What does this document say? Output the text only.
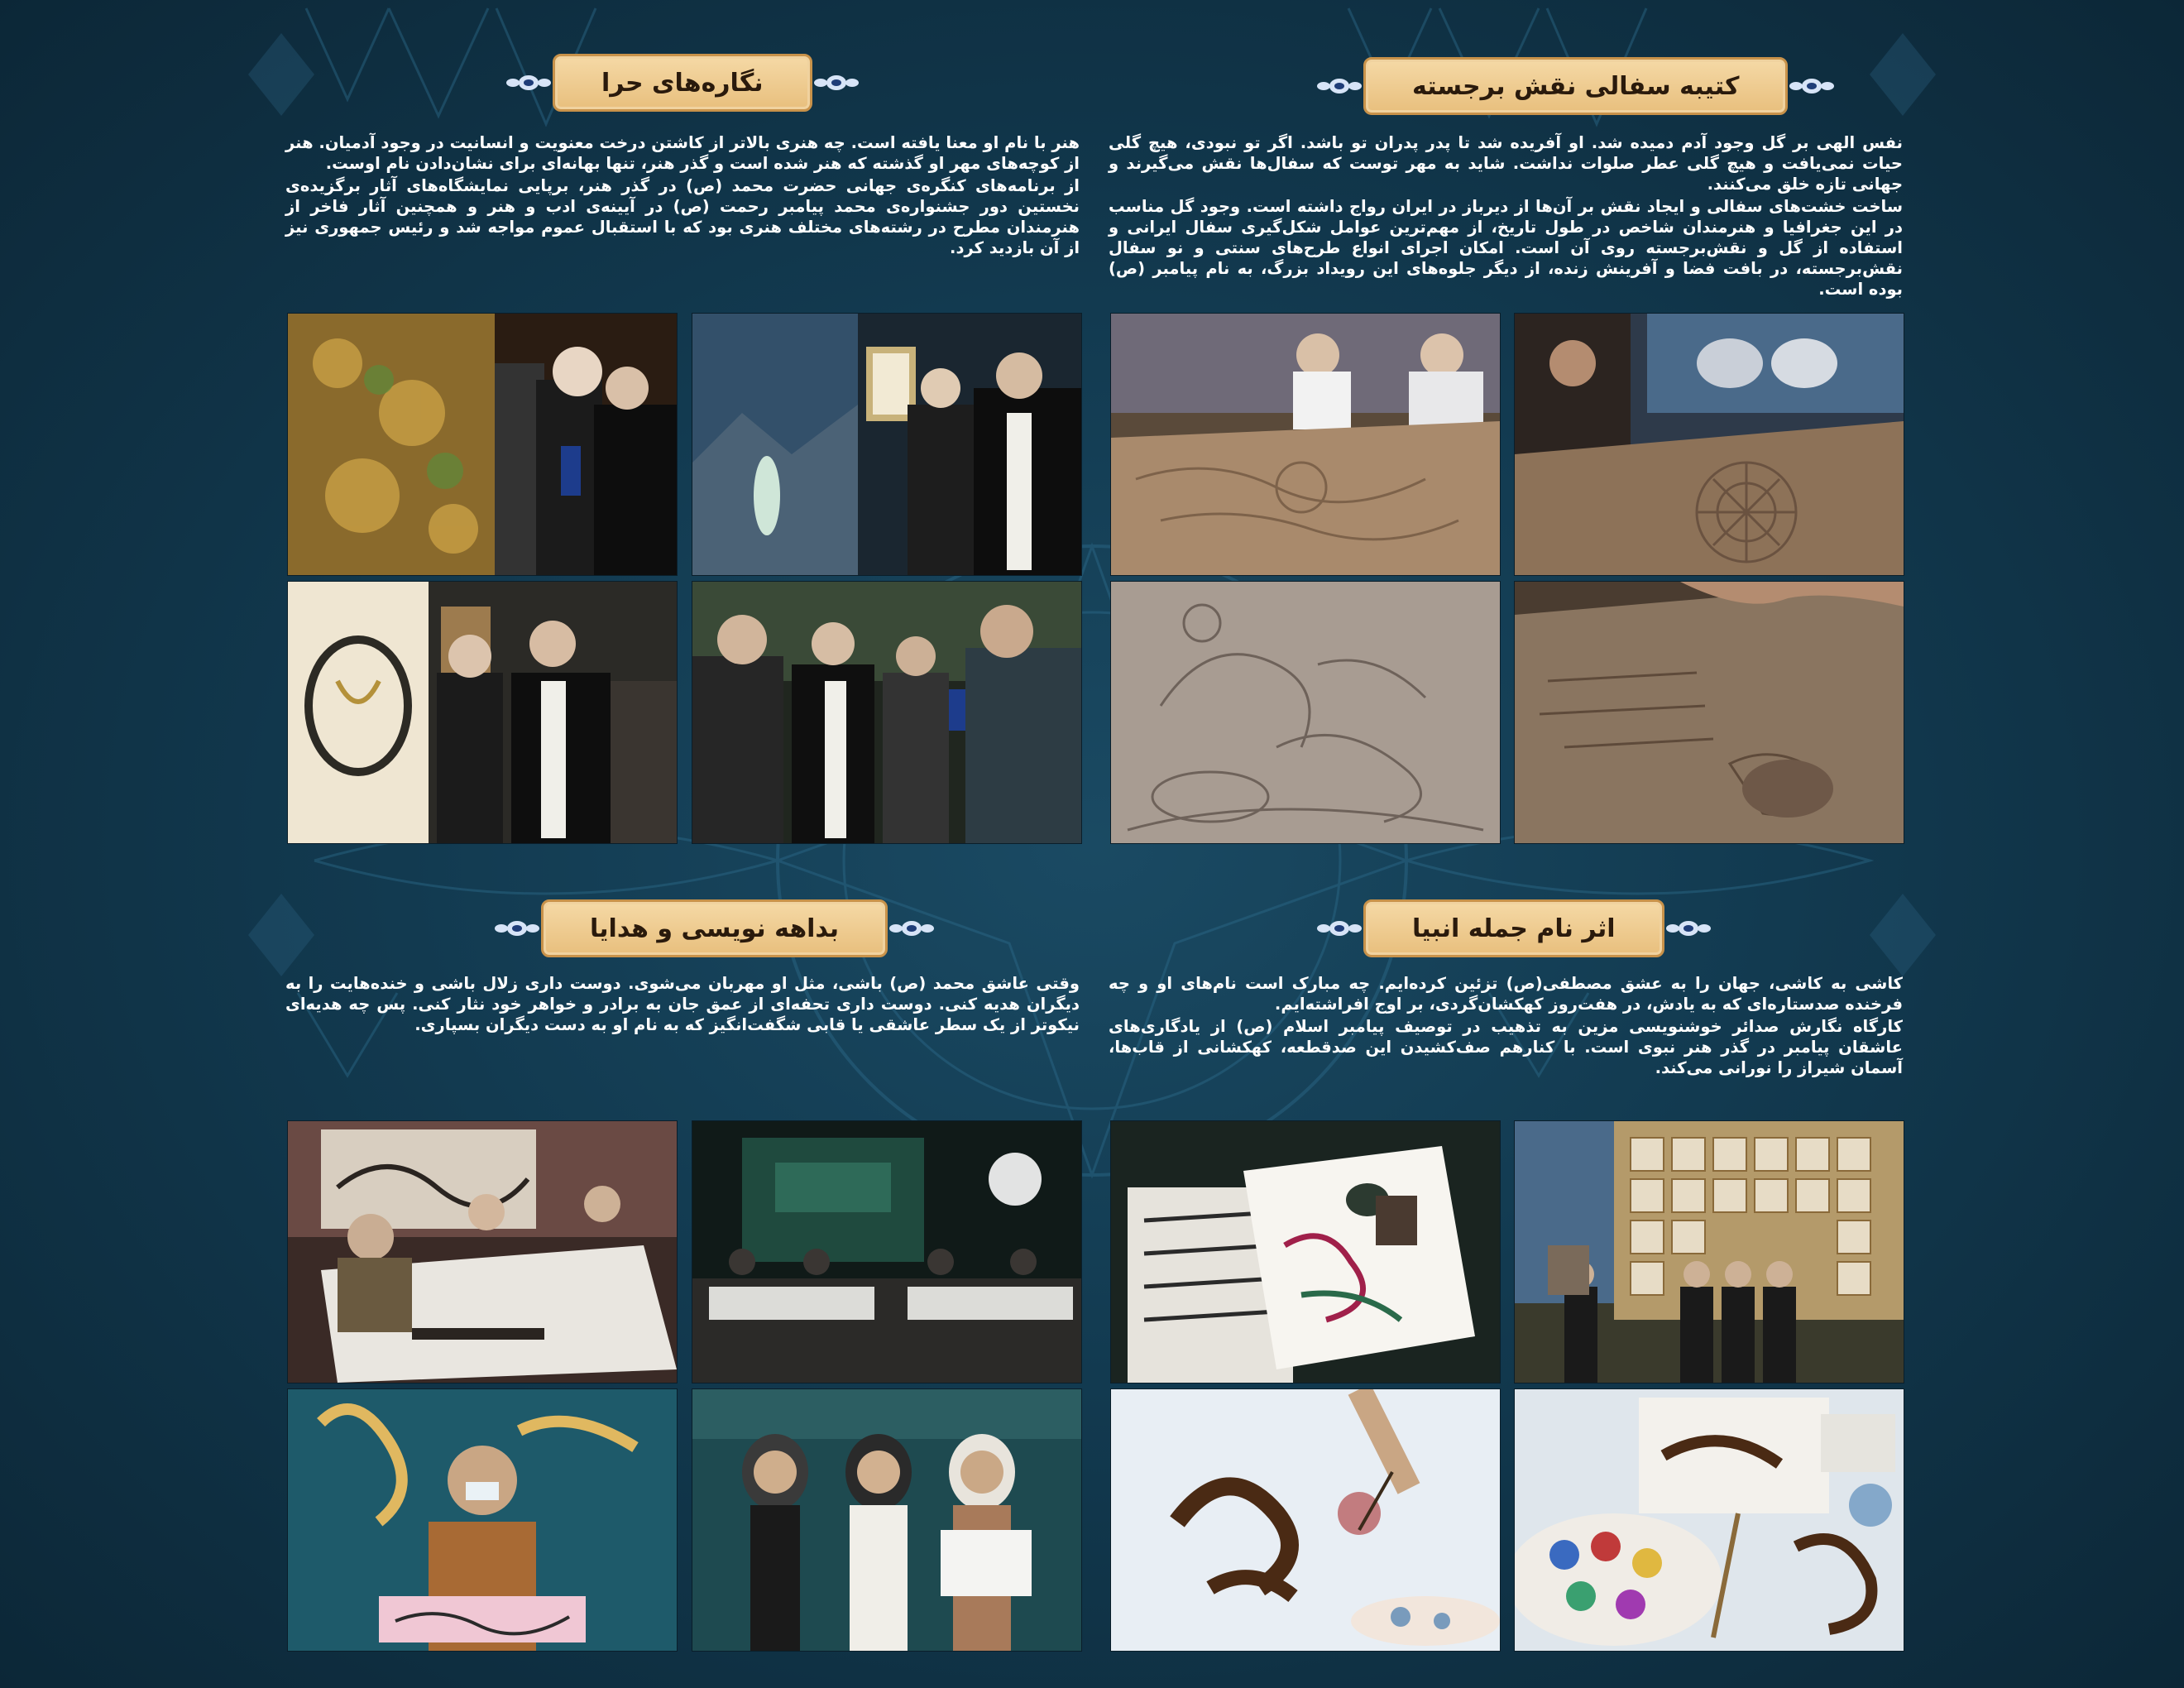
کتیبه سفالی نقش برجسته

نفس الهی بر گل وجود آدم دمیده شد. او آفریده شد تا پدر پدران تو باشد. اگر تو نبودی، هیچ گلی حیات نمی‌یافت و هیچ گلی عطر صلوات نداشت. شاید به مهر توست که سفال‌ها نقش می‌گیرند و جهانی تازه خلق می‌کنند.

ساخت خشت‌های سفالی و ایجاد نقش بر آن‌ها از دیرباز در ایران رواج داشته است. وجود گل مناسب در این جغرافیا و هنرمندان شاخص در طول تاریخ، از مهم‌ترین عوامل شکل‌گیری سفال ایرانی و استفاده از گل و نقش‌برجسته روی آن است. امکان اجرای انواع طرح‌های سنتی و نو سفال نقش‌برجسته، در بافت فضا و آفرینش زنده، از دیگر جلوه‌های این رویداد بزرگ، به نام پیامبر (ص) بوده است.

نگاره‌های حرا

هنر با نام او معنا یافته است. چه هنری بالاتر از کاشتن درخت معنویت و انسانیت در وجود آدمیان. هنر از کوچه‌های مهر او گذشته که هنر شده است و گذر هنر، تنها بهانه‌ای برای نشان‌دادن نام اوست.

از برنامه‌های کنگره‌ی جهانی حضرت محمد (ص) در گذر هنر، برپایی نمایشگاه‌های آثار برگزیده‌ی نخستین دور جشنواره‌ی محمد پیامبر رحمت (ص) در آیینه‌ی ادب و هنر و همچنین آثار فاخر از هنرمندان مطرح در رشته‌های مختلف هنری بود که با استقبال عموم مواجه شد و رئیس جمهوری نیز از آن بازدید کرد.

اثر نام جمله انبیا

کاشی به کاشی، جهان را به عشق مصطفی(ص) تزئین کرده‌ایم. چه مبارک است نام‌های او و چه فرخنده صدستاره‌ای که به یادش، در هفت‌روز کهکشان‌گردی، بر اوج افراشته‌ایم.

کارگاه نگارش صدائر خوشنویسی مزین به تذهیب در توصیف پیامبر اسلام (ص) از یادگاری‌های عاشقان پیامبر در گذر هنر نبوی است. با کنارهم صف‌کشیدن این صدقطعه، کهکشانی از قاب‌ها، آسمان شیراز را نورانی می‌کند.

بداهه نویسی و هدایا

وقتی عاشق محمد (ص) باشی، مثل او مهربان می‌شوی. دوست داری زلال باشی و خنده‌هایت را به دیگران هدیه کنی. دوست داری تحفه‌ای از عمق جان به برادر و خواهر خود نثار کنی. پس چه هدیه‌ای نیکوتر از یک سطر عاشقی یا قابی شگفت‌انگیز که به نام او به دست دیگران بسپاری.
